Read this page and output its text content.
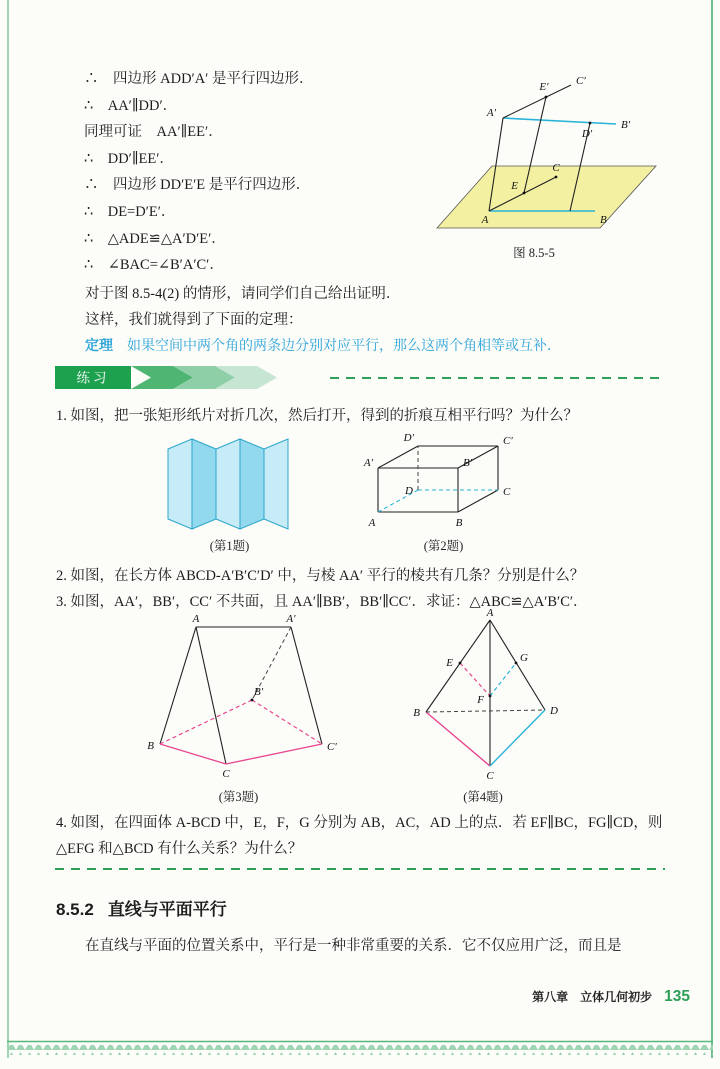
∴　四边形 ADD′A′ 是平行四边形．
∴　AA′∥DD′．
同理可证　AA′∥EE′．
∴　DD′∥EE′．
∴　四边形 DD′E′E 是平行四边形．
∴　DE=D′E′．
∴　△ADE≌△A′D′E′．
∴　∠BAC=∠B′A′C′．
对于图 8.5-4(2) 的情形，请同学们自己给出证明．
这样，我们就得到了下面的定理：
定理 如果空间中两个角的两条边分别对应平行，那么这两个角相等或互补．
A′
E′ C′
D′
B′
E
C
A	B
图 8.5-5
练习
1. 如图，把一张矩形纸片对折几次，然后打开，得到的折痕互相平行吗？为什么？
D′	C′
A′	B′
D	C
A	B
(第1题)	(第2题)
2. 如图，在长方体 ABCD-A′B′C′D′ 中，与棱 AA′ 平行的棱共有几条？分别是什么？
3. 如图，AA′，BB′，CC′ 不共面，且 AA′∥BB′，BB′∥CC′．求证：△ABC≌△A′B′C′．
A	A′
B
B′
C
C′
A
B
C
D
E
F
G
(第3题)	(第4题)
4. 如图，在四面体 A-BCD 中，E，F，G 分别为 AB，AC，AD 上的点．若 EF∥BC，FG∥CD，则 △EFG 和△BCD 有什么关系？为什么？
8.5.2 直线与平面平行
在直线与平面的位置关系中，平行是一种非常重要的关系．它不仅应用广泛，而且是
第八章　立体几何初步 135
